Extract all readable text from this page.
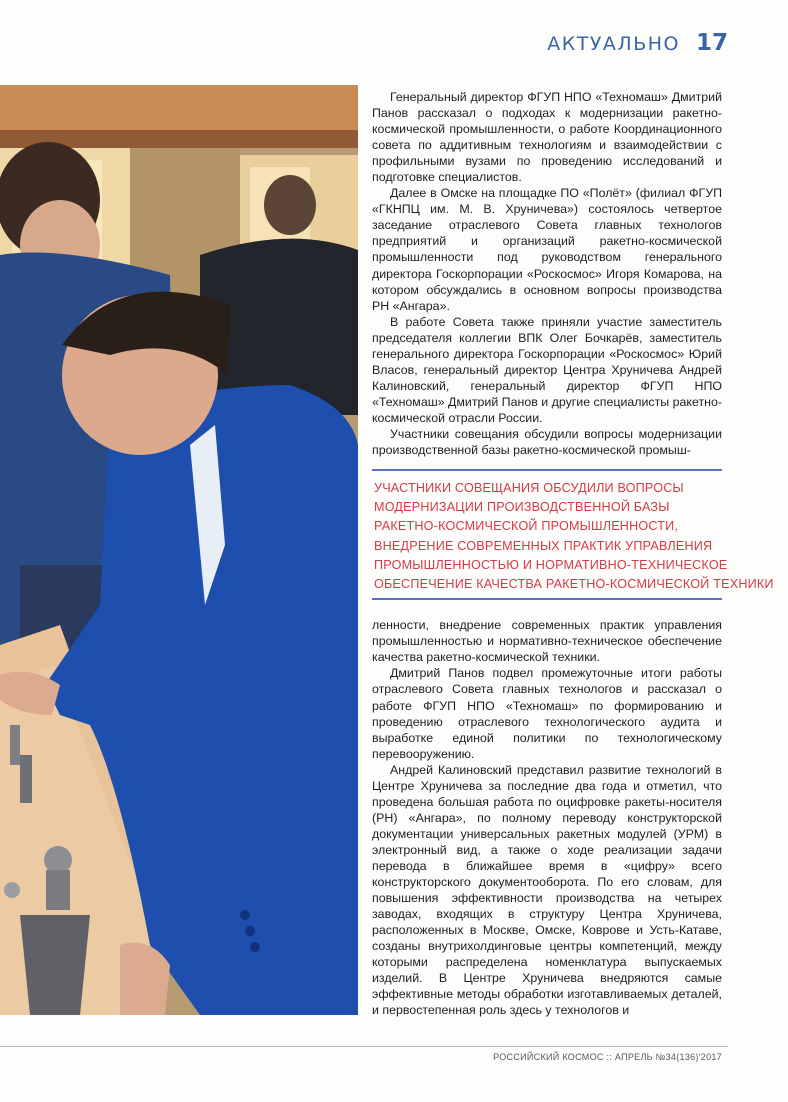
АКТУАЛЬНО 17

Генеральный директор ФГУП НПО «Техномаш» Дмитрий Панов рассказал о подходах к модернизации ракетно-космической промышленности, о работе Координационного совета по аддитивным технологиям и взаимодействии с профильными вузами по проведению исследований и подготовке специалистов.

Далее в Омске на площадке ПО «Полёт» (филиал ФГУП «ГКНПЦ им. М. В. Хруничева») состоялось четвертое заседание отраслевого Совета главных технологов предприятий и организаций ракетно-космической промышленности под руководством генерального директора Госкорпорации «Роскосмос» Игоря Комарова, на котором обсуждались в основном вопросы производства РН «Ангара».

В работе Совета также приняли участие заместитель председателя коллегии ВПК Олег Бочкарёв, заместитель генерального директора Госкорпорации «Роскосмос» Юрий Власов, генеральный директор Центра Хруничева Андрей Калиновский, генеральный директор ФГУП НПО «Техномаш» Дмитрий Панов и другие специалисты ракетно-космической отрасли России.

Участники совещания обсудили вопросы модернизации производственной базы ракетно-космической промыш-

УЧАСТНИКИ СОВЕЩАНИЯ ОБСУДИЛИ ВОПРОСЫ
МОДЕРНИЗАЦИИ ПРОИЗВОДСТВЕННОЙ БАЗЫ
РАКЕТНО-КОСМИЧЕСКОЙ ПРОМЫШЛЕННОСТИ,
ВНЕДРЕНИЕ СОВРЕМЕННЫХ ПРАКТИК УПРАВЛЕНИЯ
ПРОМЫШЛЕННОСТЬЮ И НОРМАТИВНО-ТЕХНИЧЕСКОЕ
ОБЕСПЕЧЕНИЕ КАЧЕСТВА РАКЕТНО-КОСМИЧЕСКОЙ ТЕХНИКИ

ленности, внедрение современных практик управления промышленностью и нормативно-техническое обеспечение качества ракетно-космической техники.

Дмитрий Панов подвел промежуточные итоги работы отраслевого Совета главных технологов и рассказал о работе ФГУП НПО «Техномаш» по формированию и проведению отраслевого технологического аудита и выработке единой политики по технологическому перевооружению.

Андрей Калиновский представил развитие технологий в Центре Хруничева за последние два года и отметил, что проведена большая работа по оцифровке ракеты-носителя (РН) «Ангара», по полному переводу конструкторской документации универсальных ракетных модулей (УРМ) в электронный вид, а также о ходе реализации задачи перевода в ближайшее время в «цифру» всего конструкторского документооборота. По его словам, для повышения эффективности производства на четырех заводах, входящих в структуру Центра Хруничева, расположенных в Москве, Омске, Коврове и Усть-Катаве, созданы внутрихолдинговые центры компетенций, между которыми распределена номенклатура выпускаемых изделий. В Центре Хруничева внедряются самые эффективные методы обработки изготавливаемых деталей, и первостепенная роль здесь у технологов и

РОССИЙСКИЙ КОСМОС :: АПРЕЛЬ №34(136)'2017
